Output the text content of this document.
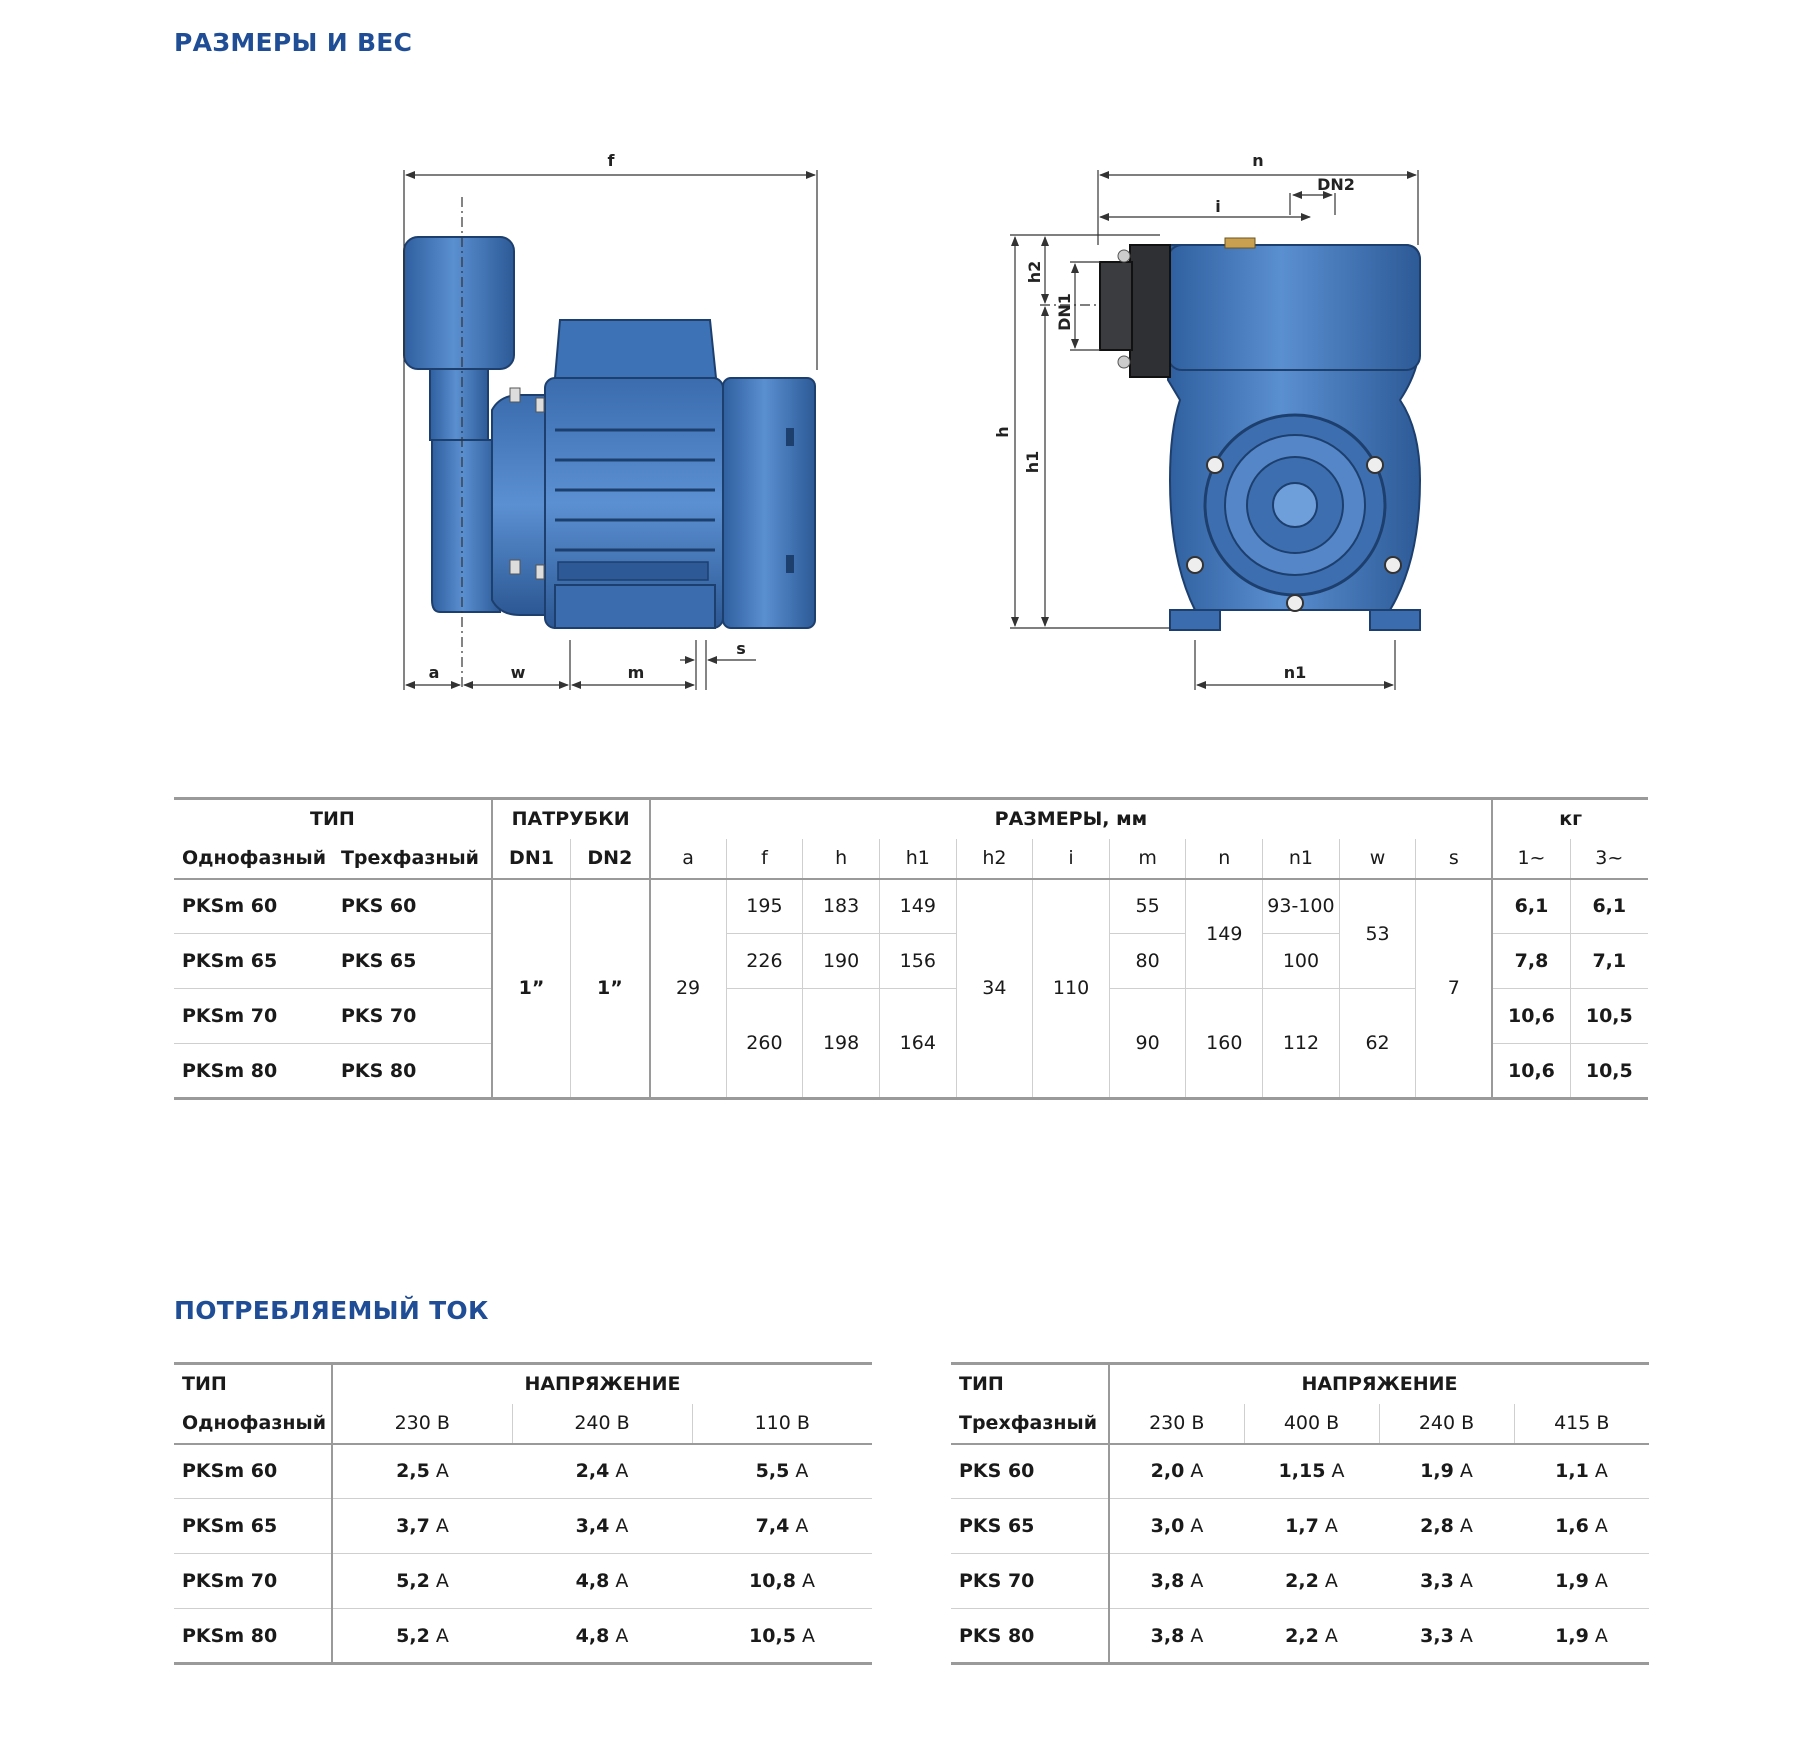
РАЗМЕРЫ И ВЕС
f
a	w	m
s
n
DN2
i
h2
DN1
h
h1
n1
ТИП		ПАТРУБКИ		РАЗМЕРЫ, мм											кг	
Однофазный	Трехфазный	DN1	DN2	a	f	h	h1	h2	i	m	n	n1	w	s	1~	3~
PKSm 60	PKS 60	1”	1”	29	195	183	149	34	110	55	149	93-100	53	7	6,1	6,1
PKSm 65	PKS 65				226	190	156			80		100			7,8	7,1
PKSm 70	PKS 70				260	198	164			90	160	112	62		10,6	10,5
PKSm 80	PKS 80														10,6	10,5
ПОТРЕБЛЯЕМЫЙ ТОК
ТИП	НАПРЯЖЕНИЕ		
Однофазный	230 В	240 В	110 В
PKSm 60	2,5 А	2,4 А	5,5 А
PKSm 65	3,7 А	3,4 А	7,4 А
PKSm 70	5,2 А	4,8 А	10,8 А
PKSm 80	5,2 А	4,8 А	10,5 А
ТИП	НАПРЯЖЕНИЕ			
Трехфазный	230 В	400 В	240 В	415 В
PKS 60	2,0 А	1,15 А	1,9 А	1,1 А
PKS 65	3,0 А	1,7 А	2,8 А	1,6 А
PKS 70	3,8 А	2,2 А	3,3 А	1,9 А
PKS 80	3,8 А	2,2 А	3,3 А	1,9 А
